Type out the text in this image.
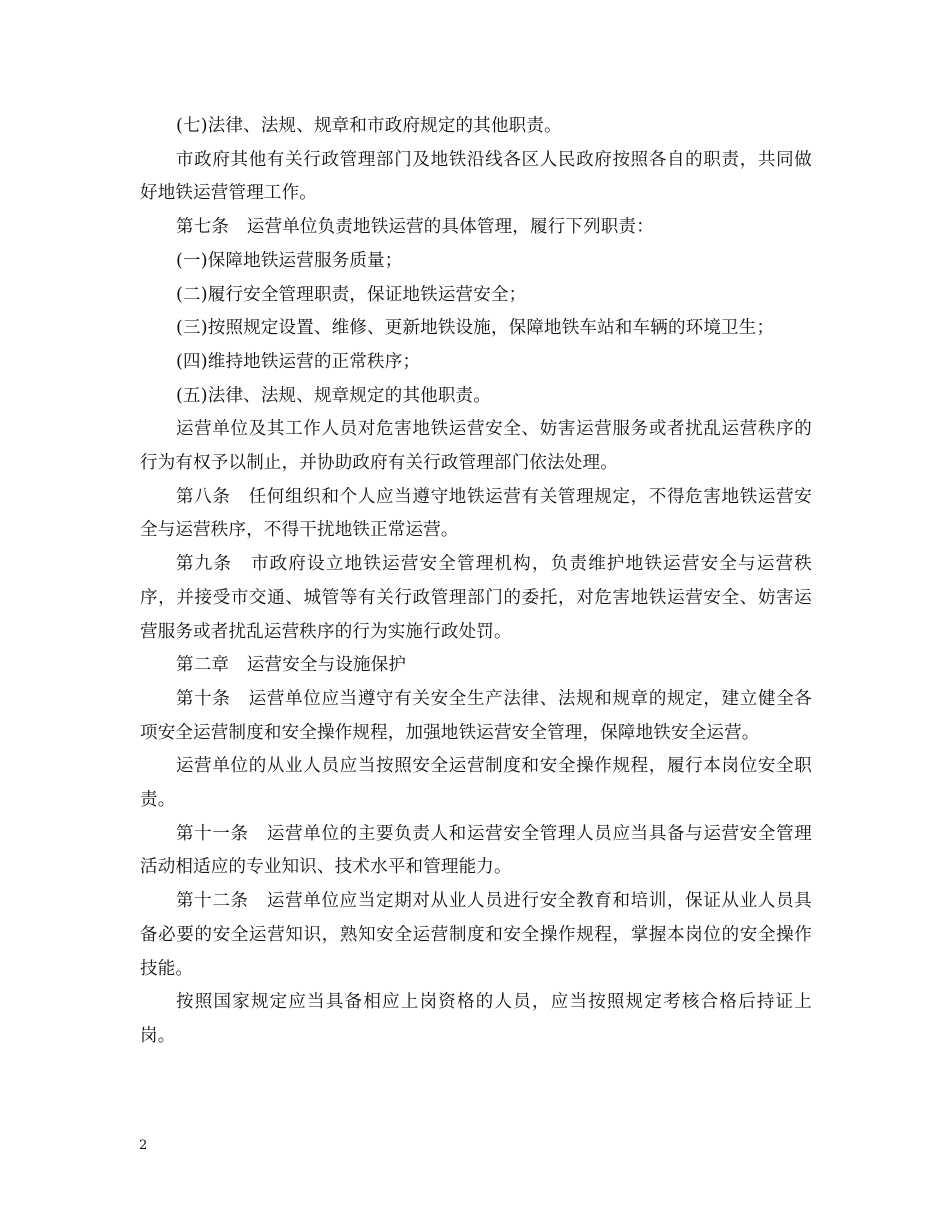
(七)法律、法规、规章和市政府规定的其他职责。

市政府其他有关行政管理部门及地铁沿线各区人民政府按照各自的职责，共同做好地铁运营管理工作。

第七条　运营单位负责地铁运营的具体管理，履行下列职责：

(一)保障地铁运营服务质量；

(二)履行安全管理职责，保证地铁运营安全；

(三)按照规定设置、维修、更新地铁设施，保障地铁车站和车辆的环境卫生；

(四)维持地铁运营的正常秩序；

(五)法律、法规、规章规定的其他职责。

运营单位及其工作人员对危害地铁运营安全、妨害运营服务或者扰乱运营秩序的行为有权予以制止，并协助政府有关行政管理部门依法处理。

第八条　任何组织和个人应当遵守地铁运营有关管理规定，不得危害地铁运营安全与运营秩序，不得干扰地铁正常运营。

第九条　市政府设立地铁运营安全管理机构，负责维护地铁运营安全与运营秩序，并接受市交通、城管等有关行政管理部门的委托，对危害地铁运营安全、妨害运营服务或者扰乱运营秩序的行为实施行政处罚。

第二章　运营安全与设施保护

第十条　运营单位应当遵守有关安全生产法律、法规和规章的规定，建立健全各项安全运营制度和安全操作规程，加强地铁运营安全管理，保障地铁安全运营。

运营单位的从业人员应当按照安全运营制度和安全操作规程，履行本岗位安全职责。

第十一条　运营单位的主要负责人和运营安全管理人员应当具备与运营安全管理活动相适应的专业知识、技术水平和管理能力。

第十二条　运营单位应当定期对从业人员进行安全教育和培训，保证从业人员具备必要的安全运营知识，熟知安全运营制度和安全操作规程，掌握本岗位的安全操作技能。

按照国家规定应当具备相应上岗资格的人员，应当按照规定考核合格后持证上岗。

2
